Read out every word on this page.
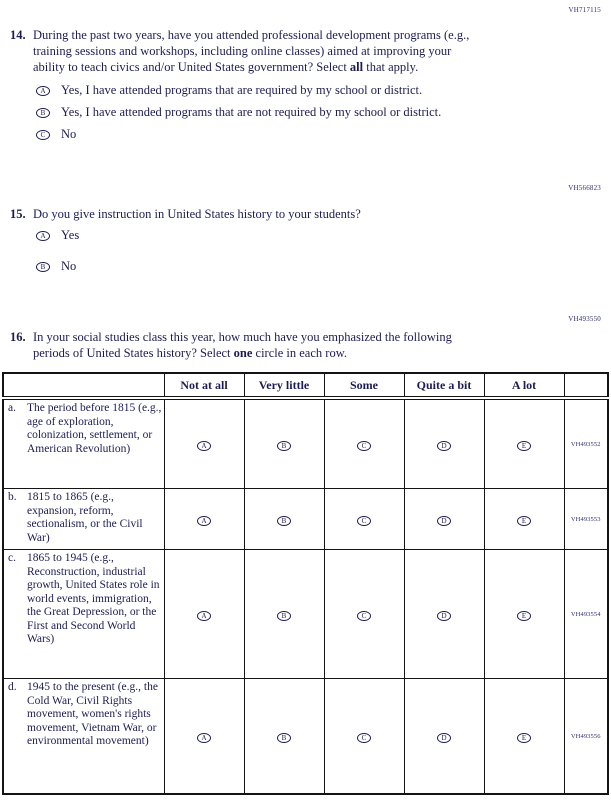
VH717115
14. During the past two years, have you attended professional development programs (e.g., training sessions and workshops, including online classes) aimed at improving your ability to teach civics and/or United States government? Select all that apply.
A	Yes, I have attended programs that are required by my school or district.
B	Yes, I have attended programs that are not required by my school or district.
C	No
VH566823
15. Do you give instruction in United States history to your students?
A	Yes
B	No
VH493550
16. In your social studies class this year, how much have you emphasized the following periods of United States history? Select one circle in each row.
	Not at all	Very little	Some	Quite a bit	A lot	

a. The period before 1815 (e.g., age of exploration, colonization, settlement, or American Revolution)	A	B	C	D	E	VH493552

b. 1815 to 1865 (e.g., expansion, reform, sectionalism, or the Civil War)	A	B	C	D	E	VH493553

c. 1865 to 1945 (e.g., Reconstruction, industrial growth, United States role in world events, immigration, the Great Depression, or the First and Second World Wars)	A	B	C	D	E	VH493554

d. 1945 to the present (e.g., the Cold War, Civil Rights movement, women's rights movement, Vietnam War, or environmental movement)	A	B	C	D	E	VH493556
